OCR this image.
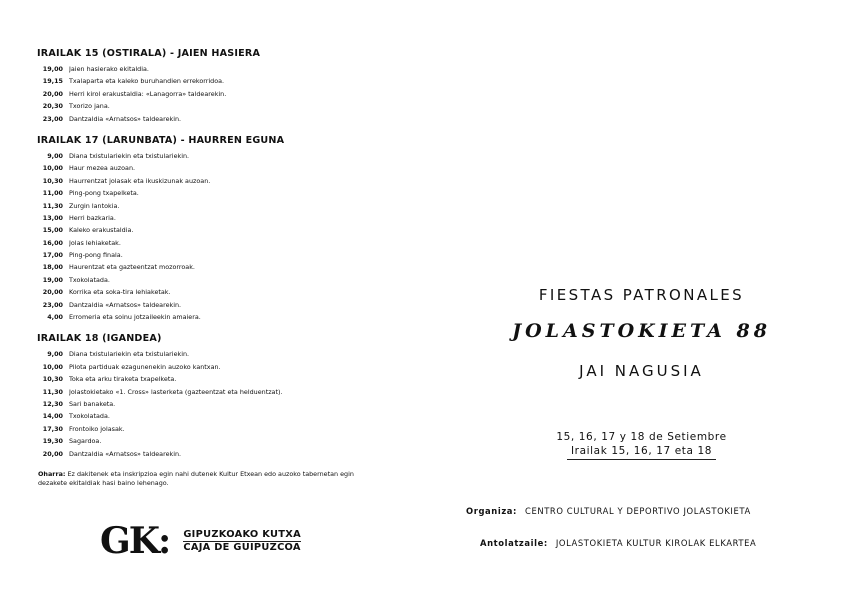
IRAILAK 15 (OSTIRALA) - JAIEN HASIERA
19,00 Jaien hasierako ekitaldia.
19,15 Txalaparta eta kaleko buruhandien errekorridoa.
20,00 Herri kirol erakustaldia: «Lanagorra» taldearekin.
20,30 Txorizo jana.
23,00 Dantzaldia «Arnatsos» taldearekin.
IRAILAK 17 (LARUNBATA) - HAURREN EGUNA
9,00 Diana txistulariekin eta txistulariekin.
10,00 Haur mezea auzoan.
10,30 Haurrentzat jolasak eta ikuskizunak auzoan.
11,00 Ping-pong txapelketa.
11,30 Zurgin lantokia.
13,00 Herri bazkaria.
15,00 Kaleko erakustaldia.
16,00 Jolas lehiaketak.
17,00 Ping-pong finala.
18,00 Haurentzat eta gazteentzat mozorroak.
19,00 Txokolatada.
20,00 Korrika eta soka-tira lehiaketak.
23,00 Dantzaldia «Arnatsos» taldearekin.
4,00 Erromeria eta soinu jotzaileekin amaiera.
IRAILAK 18 (IGANDEA)
9,00 Diana txistulariekin eta txistulariekin.
10,00 Pilota partiduak ezagunenekin auzoko kantxan.
10,30 Toka eta arku tiraketa txapelketa.
11,30 Jolastokietako «1. Cross» lasterketa (gazteentzat eta helduentzat).
12,30 Sari banaketa.
14,00 Txokolatada.
17,30 Frontoiko jolasak.
19,30 Sagardoa.
20,00 Dantzaldia «Arnatsos» taldearekin.
Oharra: Ez dakitenek eta inskripzioa egin nahi dutenek Kultur Etxean edo auzoko tabernetan egin dezakete ekitaldiak hasi baino lehenago.
GK: GIPUZKOAKO KUTXA
CAJA DE GUIPUZCOA
FIESTAS PATRONALES
JOLASTOKIETA 88
JAI NAGUSIA
15, 16, 17 y 18 de Setiembre
Irailak 15, 16, 17 eta 18
Organiza: CENTRO CULTURAL Y DEPORTIVO JOLASTOKIETA
Antolatzaile: JOLASTOKIETA KULTUR KIROLAK ELKARTEA
